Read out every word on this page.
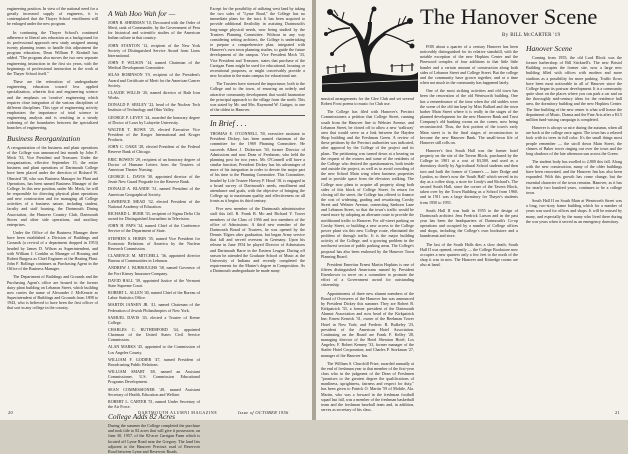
engineering position. In view of the national need for a greatly increased supply of engineers, it is contemplated that the Thayer School enrollment will be enlarged under the new program.

In continuing the Thayer School's continued adherence to liberal arts education as a background for its professional approach new study assigned among twenty planning teams to handle this adjustment the program education, Dean William P. Kimball has added. "The program also moves the two new separate engineering instruction in the first six years, with the beginnings of professional instruction in the work at the Thayer School itself."

These are the reiteration of undergraduate engineering education toward less applied specialization, wherein first and engineering science and the emphasis on 'creative' engineering which requires close integration of the various disciplines of different disciplines. This type of engineering activity emphasizes the importance of total science to engineering analysis and is resulting in a steady widening of the boundaries between the specialized branches of engineering.

Business Reorganization

A reorganization of the business and plant operations of the College was announced last month by John F. Meck '33, Vice President and Treasurer. Under the reorganization, effective September 15, the entire business and plant operations of Dartmouth College have been placed under the direction of Richard W. Olmsted '38, who was Business Manager for Plant and Operations, has been named Business Manager of the College. In this new position, under Mr. Meck, he will be responsible for directing physical plant operations and new construction and for managing all College activities of a business nature, including student, faculty and staff housing, the Dartmouth Dining Association, the Hanover Country Club, Dartmouth Stores and other side operations, and auxiliary enterprises.

Under the Office of the Business Manager there have been established a Division of Buildings and Grounds (a revival of a department dropped in 1953) headed by James D. Wilson as Superintendent, and with William J. Conklin as Manager of Housing and Robert Burgess as Chief Engineer of the Heating Plant. John F. Rollings continues as Purchasing Agent in the Office of the Business Manager.

The Department of Buildings and Grounds and the Purchasing Agent's office are housed in the former dairy plant building on Lebanon Street, which building now carries the name of Alexander J. McKenzie as Superintendent of Buildings and Grounds from 1898 to 1943, who is believed to have been the first officer of that sort in any college in the country.

A Wah Hoo Wah for —

JOHN R. SHERMAN '10, Decorated with the Order of Merit, rank of Commander, by the Government of Peru for historical and scientific studies of the American Indian culture in that country.

JOHN STANTON '12, recipient of the New York Society of Distinguished Service Award from Lions International.

JOHN P. WILSON '14, named Chairman of the Medical Development Committee.

SILAS ROBINSON '19, recipient of the President's Award and Certificate of Merit for the American Cancer Society.

CLAUDE WILLIS '20, named director of Bath Iron Works.

DONALD P. SEELEY '22, head of the Nuclear Tech Institute of Technology and Ohio Valley.

GEORGE F. LEVEY '24, awarded the honorary degree of Doctor of Laws by Lafayette University.

WALTER T. ROWE '25, elected Executive Vice President of the Kroger International and Kroger Products.

JOHN C. OAKE '28, elected President of the Federal Reserve Bank of Chicago.

ERIC BOWEN '29, recipient of an honorary degree of Doctor of Humane Letters from the Trustees of American Theater Nursing.

GEORGE L. DAVIS '30, appointed director of the Jesuit New Guard Prograde for the Reserve Bank.

DONALD A. BLANDE '31, named President of the American Geographical Society.

LAWRENCE MEAD '32, elected President of the National Academy of Education.

RICHARD L. BURR '33, recipient of Sigma Delta Chi award for Distinguished Journalism in Television.

JOHN H. PAPS '34, named Chief of the Conference Service of the Department of State.

STEPHEN S. HOBIN '35, named Vice President for Economic Relations of America by the Nuclear Research Commission.

CLARENCE M. MITCHELL '36, appointed director Bureau of Communities in Lebanon.

ANDREW J. BURROUGHS '38, named Governor of the Fort Kinsey Insurance Company.

DAVID HALL '39, appointed Justice of the Vermont State Supreme Court.

ROBERT L. ALLEN '40, named Chief of the Bureau of Labor Statistics Office.

MARTIN JANSEN JR. '41, named Chairman of the Federation of Jewish Philanthropies of New York.

SAMUEL DAVIS '43, elected a Trustee of Keene College.

CHARLES C. RUTHERFORD '44, appointed Chairman of the United States Civil Service Commission.

ALAN MARKS '45, appointed to the Commission of Los Angeles County.

WILLIAM F. GODIER '47, named President of Broadcasting Public Relations.

WILLIAM SMART '48, named an Assistant Commissioner, U.S. Commission Educational Programs Development.

SEAN COMMISSIONER '49, named Assistant Secretary of Health, Education and Welfare.

ROBERT L. CARTER '51, named Under Secretary of the Air Force.

College Adds 82 Acres

During the summer the College completed the purchase and took title to 82 acres that will give it possession, on June 30, 1957, of the 82-acre Carrigan Farm which is located off Lyme Road near the Gregory. The land lies adjacent to the Hanover Precinct road of Reservoir Road between Lyme and Reservoir Roads.

Except for the possibility of utilizing west land by taking the two sales of "Lyme Road," the College has no immediate plans for the tract. It has been acquired to provide additional flexibility in assisting Dartmouth's long-range physical needs, now being studied by the Trustees Planning Committee. Without in any way considering setting architect, the College is undertaking to prepare a comprehensive plan, integrated with Hanover's own town planning studies, to guide the future development of the campus. Vice President Meck '33, Vice President and Treasurer, states that purchase of the Carrigan Farm might be used for educational, housing or recreational purposes, or might conceivably provide a new location in the main campus for educational use.

The Trustees have stressed the importance, both to the College and to the town, of ensuring an orderly and attractive community development that would harmonize the principal approach to the village from the north. This was stated by Mr. and Mrs. Raymond W. Guttger, to one of the oldest in Hanover.

In Brief . . .

THOMAS E. O'CONNELL '50, executive assistant to President Dickey, has been named chairman of the committee for the 1969 Planning Committee. He succeeds Albert J. Dickerson '30, former Director of Admissions and now Dean of Freshmen, who held the planning post for two years. Mr. O'Connell will have a similar function; President Dickey has his advantages of more of his integration in order to devote the major part of his time to the Planning Committee. This Committee, headed by Life Trustee Harvey P. Hood '18, is engaged in a broad survey of Dartmouth's needs, enrollment and attendance and goals, with the objective of bringing the College up to maximum quality and effectiveness on all fronts as it begins its third century.

Five new member of the Dartmouth administrative staff this fall. R. Frank B. Mo and Richard Y. Tower members of the Class of 1956 and two members of the office of Admissions. A third new member of the Dartmouth Board of Trustees, he was opened by the Dennis Tilgres after graduation, but began Army service that fall and served overseas in Germany. Upon his release in June 1954 he played Director of Admissions and Dartmouth Barre in the Eastern League. During off season he attended the Graduate School of Music at the University of Indiana and recently completed the requirements for the Master's degree in Composition. As a Dartmouth undergraduate he made many

20	DARTMOUTH ALUMNI MAGAZINE	Issue of OCTOBER 1956
The Hanover Scene
By BILL McCARTER '19

musical arrangements for the Glee Club and set several Robert Frost poems to music for Club use.

The College has filed with Hanover's Precinct Commissioners a petition that College Street, running south from the Hanover line to Webster Avenue, and Lebanon Street, be closed off to allow a new 'walkway' area that would serve as a link between the Hayden Shop building and the Freshman Green. A review of these petitions by the Precinct authorities was indicated, after approval by the College of the project and its plans. The petitioning was turned down at a hearing on the request of the owners and some of the residents of the College who desired the questionnaires, both inside and outside the project, as well as to avoid crowding of the new School Main wing when business properties and to provide space from the elevators walking. The College now plans to acquire all property along both sides of this block of College Street. In return for closing off the street, the College has offered to finance the cost of widening, grading and resurfacing Crosby Street and Webster Avenue, connecting Sanborn Lane and Lebanon Street, so that the town's traffic would be eased more by adopting an alternate route to provide the northbound traffic to Hanover. For off-street parking on Crosby Street, or building a new access to the College power plant via this new College route, eliminated the problem of through traffic. It is the major building activity of the College, and a growing problem in the northwest section of public parking areas. The College's proposal has also been endorsed by the Hanover Town Planning Board.

President Emeritus Ernest Martin Hopkins is one of fifteen distinguished Americans named by President Eisenhower to serve on a committee to promote the effort of a Government award for outstanding citizenship.

Appointments of three new alumni members of the Board of Overseers of the Hanover Inn was announced by President Dickey this summer. They are Robert B. Kirkpatrick '33, a former president of the Dartmouth Alumni Association and now head of the Kirkpatrick Inn; Ernest Kenrick '31, owner of the Beekman Tower Hotel in New York; and Frederic R. Bulkeley '23, president of the American Hotel Association. Continuing on the Board are Frank F. Kelley '28, managing director of the Hotel Sheraton Hotel, Los Angeles; F. Robert Kenney '33, former manager of the Statler Hotel Corporation; and Charles P. Storkman '27, manager of the Hanover Inn.

The William S. Churchill Prize, awarded annually at the end of freshman year to that member of the first-year class who in the judgment of the Dean of Freshmen "promises to the greatest degree the qualifications of manliness, uprightness, fairness and respect for duty," has been given to Patrick O. Martin '59 of Mobile, Ala. Martin, who was a forward in the freshman football squad last fall, was a member of the freshman basketball team and the freshman baseball team and, in addition, serves as secretary of his class.

FOR about a quarter of a century Hanover has been noticeably distinguished for its relative standstill, with the notable exception of the new Hopkins Center and the Pinewood complex of four additions to that little little hamlet and a certain amount of construction along both sides of Lebanon Street and College Street. But the college and the community have grown together, and at a time when not much in the community has happened lately.

One of the most striking activities and old town has been the renovation of the old Wentworth building. One has a remembrance of the time when the old stables were the scene of the old inn kept by Miss Bullard and the town barber Main Street where it is really in the stages of the planned development for the new Hanover Bank and Trust Company's old banking rooms on the corner, now being reconstructed. Thus, the first portion of the town's early Main street is in the final stages of reconstruction to become the new Hanover Bank. The small-town life of Hanover still rolls on.

Hanover's first South Hall was the former hotel property on the site of the Tavern Block, purchased by the College in 1901 at a cost of $3,500, and used as a dormitory chiefly by Agricultural School students and then torn and built the former of Conner's — later Dodge and Lyndon, so there's now the 'South Hall' which served in its day as a coffee shop, a store for Lindy's and Richard's. The second South Hall, since the corner of the Tavern Block, taken over by the Town Building as a School from 1960, and in 1911 was a large dormitory for Thayer's students from 1950 to 1955.

South Hall II was built in 1955 to the design of Dartmouth architect Jens Fredrick Larson and in the past year has been the headquarters of Dartmouth's Co-op operations and occupied by a number of College offices and shops, including the College's own bookstore and a laundromat and store.

The last of the South Halls dies a slow death; South Hall II was opened, recently — the College Bookstore now occupies a new quarters only a few feet to the north of the shop it was in now. The Hanover and Kittredge rooms are also at hand.

Hanover Scene

Coming from 1955, the old Lord Block was the former barbershop of Bill Sticknell's. The new Bristol Building occupies the former site, now a large new building filled with offices with modern and more studious as a possibility for more parking. Traffic flows have been most noticeable in all of Hanover since the College began its postwar development. It is a community quite short on the places where you can park a car and on the thoroughly mid-century ideas for the residence hall area, the dormitory building and the new Hopkins Center. The fine building of the new center is what will house the department of Music, Drama and the Fine Arts after a $3.5 million fund-raising campaign is completed.

Hanover is always so nice during the autumn, when all are back at the college once again. The town has a relaxed look with its trees in full color. It's the small things most people remember — the stroll down Main Street, the chimes of Baker tower ringing out over the town and the long shadows of the late afternoon sun across the Green.

The student body has swelled to 2,800 this fall. Along with the new construction, many of the older buildings have been renovated, and the Hanover Inn has also been expanded. With this growth has come change, but the essential character of the town remains. Hanover, as it has for nearly two hundred years, continues to be a college town.

South Hall II on South Main at Wentworth Street was a long, two-story frame building which for a number of years was used for offices and shops. It will be missed by many, and especially by the many who lived there during the war years when it served as an emergency dormitory.

21
